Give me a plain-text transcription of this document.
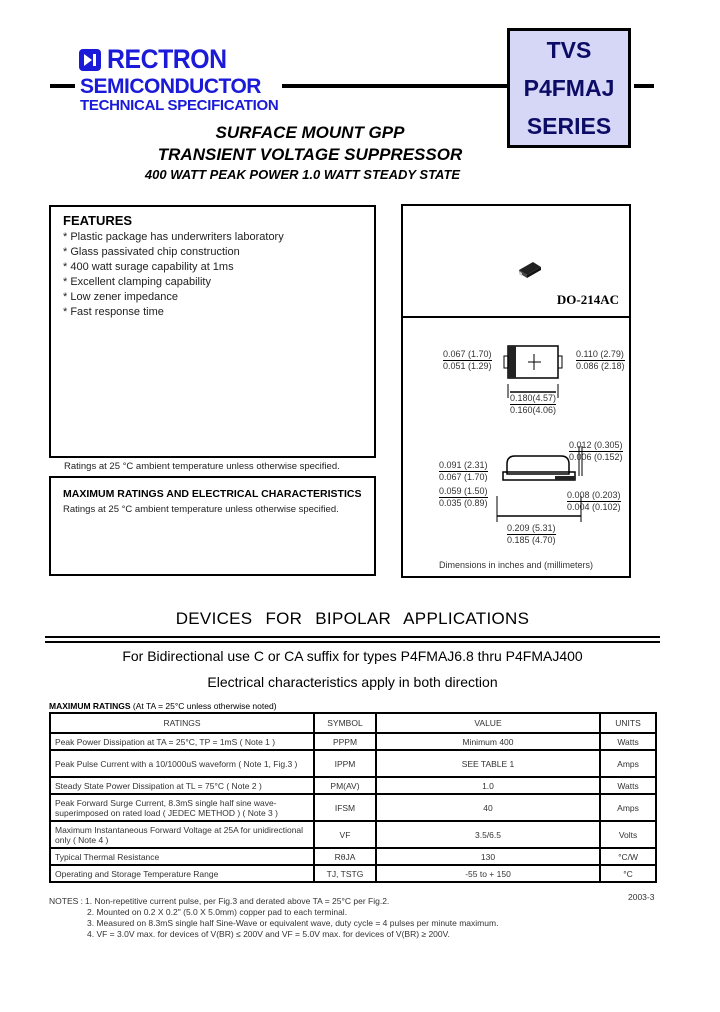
RECTRON
SEMICONDUCTOR
TECHNICAL SPECIFICATION
TVS
P4FMAJ
SERIES
SURFACE MOUNT GPP
TRANSIENT VOLTAGE SUPPRESSOR
400 WATT PEAK POWER 1.0 WATT STEADY STATE
FEATURES
* Plastic package has underwriters laboratory
* Glass passivated chip construction
* 400 watt surage capability at 1ms
* Excellent clamping capability
* Low zener impedance
* Fast response time
Ratings at 25 °C ambient temperature unless otherwise specified.
MAXIMUM RATINGS AND ELECTRICAL CHARACTERISTICS
Ratings at 25 °C ambient temperature unless otherwise specified.
DO-214AC
0.067 (1.70)
0.051 (1.29)
0.110 (2.79)
0.086 (2.18)
0.180(4.57)
0.160(4.06)
0.012 (0.305)
0.006 (0.152)
0.091 (2.31)
0.067 (1.70)
0.059 (1.50)
0.035 (0.89)
0.008 (0.203)
0.004 (0.102)
0.209 (5.31)
0.185 (4.70)
Dimensions in inches and (millimeters)
DEVICES FOR BIPOLAR APPLICATIONS
For Bidirectional use C or CA suffix for types P4FMAJ6.8 thru P4FMAJ400
Electrical characteristics apply in both direction
MAXIMUM RATINGS (At TA = 25°C unless otherwise noted)
RATINGS	SYMBOL	VALUE	UNITS
Peak Power Dissipation at TA = 25°C, TP = 1mS ( Note 1 )	PPPM	Minimum 400	Watts
Peak Pulse Current with a 10/1000uS waveform ( Note 1, Fig.3 )	IPPM	SEE TABLE 1	Amps
Steady State Power Dissipation at TL = 75°C ( Note 2 )	PM(AV)	1.0	Watts
Peak Forward Surge Current, 8.3mS single half sine wave- superimposed on rated load ( JEDEC METHOD ) ( Note 3 )	IFSM	40	Amps
Maximum Instantaneous Forward Voltage at 25A for unidirectional only ( Note 4 )	VF	3.5/6.5	Volts
Typical Thermal Resistance	RθJA	130	°C/W
Operating and Storage Temperature Range	TJ, TSTG	-55 to + 150	°C
2003-3
NOTES : 1. Non-repetitive current pulse, per Fig.3 and derated above TA = 25°C per Fig.2.
2. Mounted on 0.2 X 0.2" (5.0 X 5.0mm) copper pad to each terminal.
3. Measured on 8.3mS single half Sine-Wave or equivalent wave, duty cycle = 4 pulses per minute maximum.
4. VF = 3.0V max. for devices of V(BR) ≤ 200V and VF = 5.0V max. for devices of V(BR) ≥ 200V.
